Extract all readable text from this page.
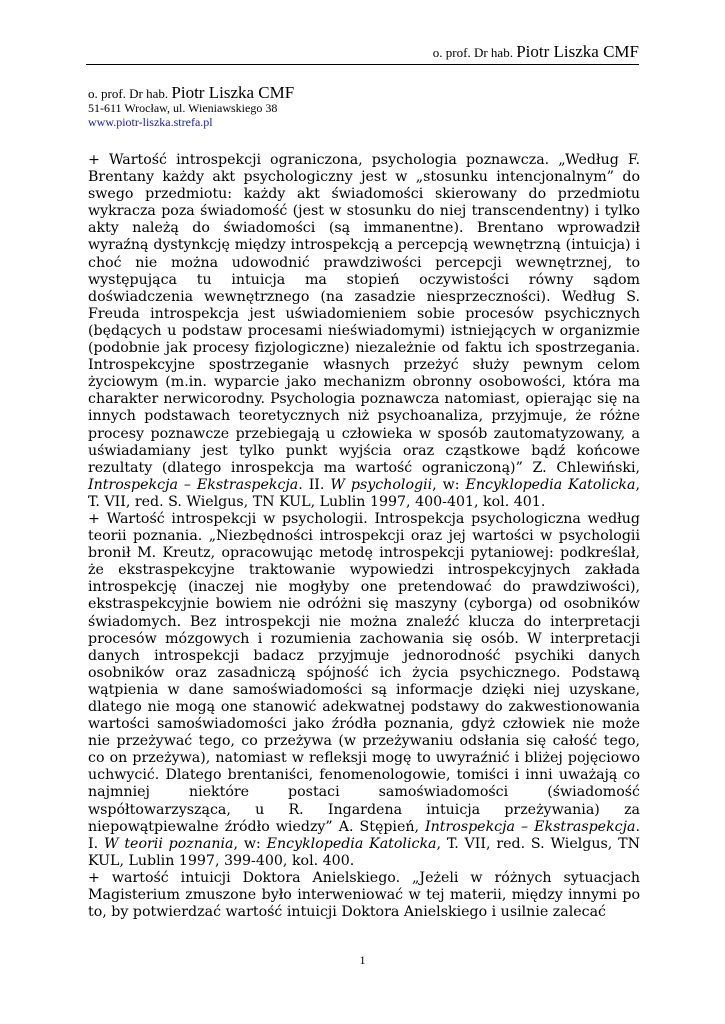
o. prof. Dr hab. Piotr Liszka CMF
o. prof. Dr hab. Piotr Liszka CMF
51-611 Wrocław, ul. Wieniawskiego 38
www.piotr-liszka.strefa.pl

+ Wartość introspekcji ograniczona, psychologia poznawcza. „Według F. Brentany każdy akt psychologiczny jest w „stosunku intencjonalnym” do swego przedmiotu: każdy akt świadomości skierowany do przedmiotu wykracza poza świadomość (jest w stosunku do niej transcendentny) i tylko akty należą do świadomości (są immanentne). Brentano wprowadził wyraźną dystynkcję między introspekcją a percepcją wewnętrzną (intuicja) i choć nie można udowodnić prawdziwości percepcji wewnętrznej, to występująca tu intuicja ma stopień oczywistości równy sądom doświadczenia wewnętrznego (na zasadzie niesprzeczności). Według S. Freuda introspekcja jest uświadomieniem sobie procesów psychicznych (będących u podstaw procesami nieświadomymi) istniejących w organizmie (podobnie jak procesy fizjologiczne) niezależnie od faktu ich spostrzegania. Introspekcyjne spostrzeganie własnych przeżyć służy pewnym celom życiowym (m.in. wyparcie jako mechanizm obronny osobowości, która ma charakter nerwicorodny. Psychologia poznawcza natomiast, opierając się na innych podstawach teoretycznych niż psychoanaliza, przyjmuje, że różne procesy poznawcze przebiegają u człowieka w sposób zautomatyzowany, a uświadamiany jest tylko punkt wyjścia oraz cząstkowe bądź końcowe rezultaty (dlatego inrospekcja ma wartość ograniczoną)” Z. Chlewiński, Introspekcja – Ekstraspekcja. II. W psychologii, w: Encyklopedia Katolicka, T. VII, red. S. Wielgus, TN KUL, Lublin 1997, 400-401, kol. 401.

+ Wartość introspekcji w psychologii. Introspekcja psychologiczna według teorii poznania. „Niezbędności introspekcji oraz jej wartości w psychologii bronił M. Kreutz, opracowując metodę introspekcji pytaniowej: podkreślał, że ekstraspekcyjne traktowanie wypowiedzi introspekcyjnych zakłada introspekcję (inaczej nie mogłyby one pretendować do prawdziwości), ekstraspekcyjnie bowiem nie odróżni się maszyny (cyborga) od osobników świadomych. Bez introspekcji nie można znaleźć klucza do interpretacji procesów mózgowych i rozumienia zachowania się osób. W interpretacji danych introspekcji badacz przyjmuje jednorodność psychiki danych osobników oraz zasadniczą spójność ich życia psychicznego. Podstawą wątpienia w dane samoświadomości są informacje dzięki niej uzyskane, dlatego nie mogą one stanowić adekwatnej podstawy do zakwestionowania wartości samoświadomości jako źródła poznania, gdyż człowiek nie może nie przeżywać tego, co przeżywa (w przeżywaniu odsłania się całość tego, co on przeżywa), natomiast w refleksji mogę to uwyraźnić i bliżej pojęciowo uchwycić. Dlatego brentaniści, fenomenologowie, tomiści i inni uważają co najmniej niektóre postaci samoświadomości (świadomość współtowarzysząca, u R. Ingardena intuicja przeżywania) za niepowątpiewalne źródło wiedzy” A. Stępień, Introspekcja – Ekstraspekcja. I. W teorii poznania, w: Encyklopedia Katolicka, T. VII, red. S. Wielgus, TN KUL, Lublin 1997, 399-400, kol. 400.

+ wartość intuicji Doktora Anielskiego. „Jeżeli w różnych sytuacjach Magisterium zmuszone było interweniować w tej materii, między innymi po to, by potwierdzać wartość intuicji Doktora Anielskiego i usilnie zalecać

1
